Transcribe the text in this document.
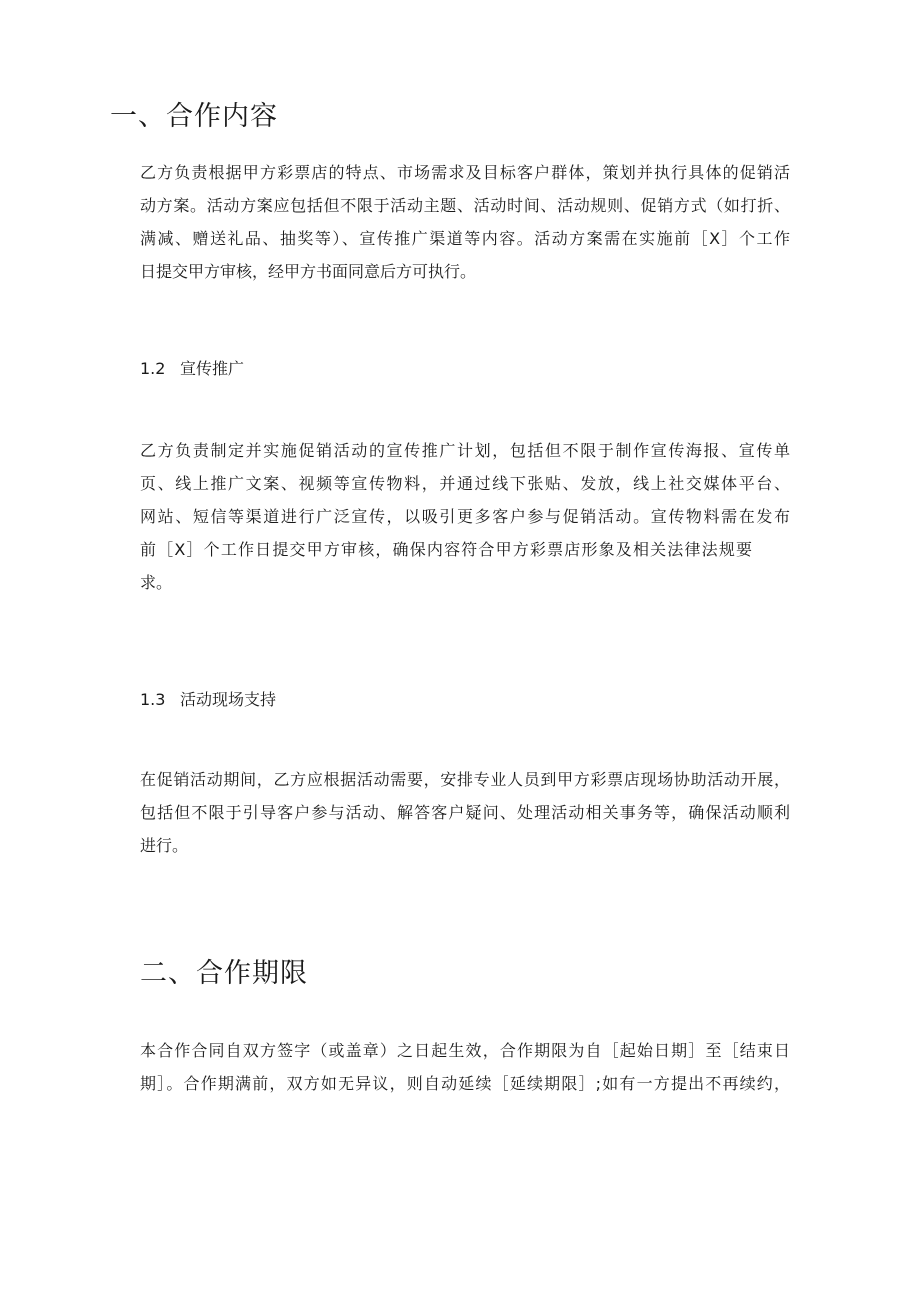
一、合作内容
乙方负责根据甲方彩票店的特点、市场需求及目标客户群体，策划并执行具体的促销活
动方案。活动方案应包括但不限于活动主题、活动时间、活动规则、促销方式（如打折、
满减、赠送礼品、抽奖等）、宣传推广渠道等内容。活动方案需在实施前［X］个工作
日提交甲方审核，经甲方书面同意后方可执行。
1.2 宣传推广
乙方负责制定并实施促销活动的宣传推广计划，包括但不限于制作宣传海报、宣传单
页、线上推广文案、视频等宣传物料，并通过线下张贴、发放，线上社交媒体平台、
网站、短信等渠道进行广泛宣传，以吸引更多客户参与促销活动。宣传物料需在发布
前［X］个工作日提交甲方审核，确保内容符合甲方彩票店形象及相关法律法规要
求。
1.3 活动现场支持
在促销活动期间，乙方应根据活动需要，安排专业人员到甲方彩票店现场协助活动开展，
包括但不限于引导客户参与活动、解答客户疑问、处理活动相关事务等，确保活动顺利
进行。
二、合作期限
本合作合同自双方签字（或盖章）之日起生效，合作期限为自［起始日期］至［结束日
期］。合作期满前，双方如无异议，则自动延续［延续期限］;如有一方提出不再续约，
